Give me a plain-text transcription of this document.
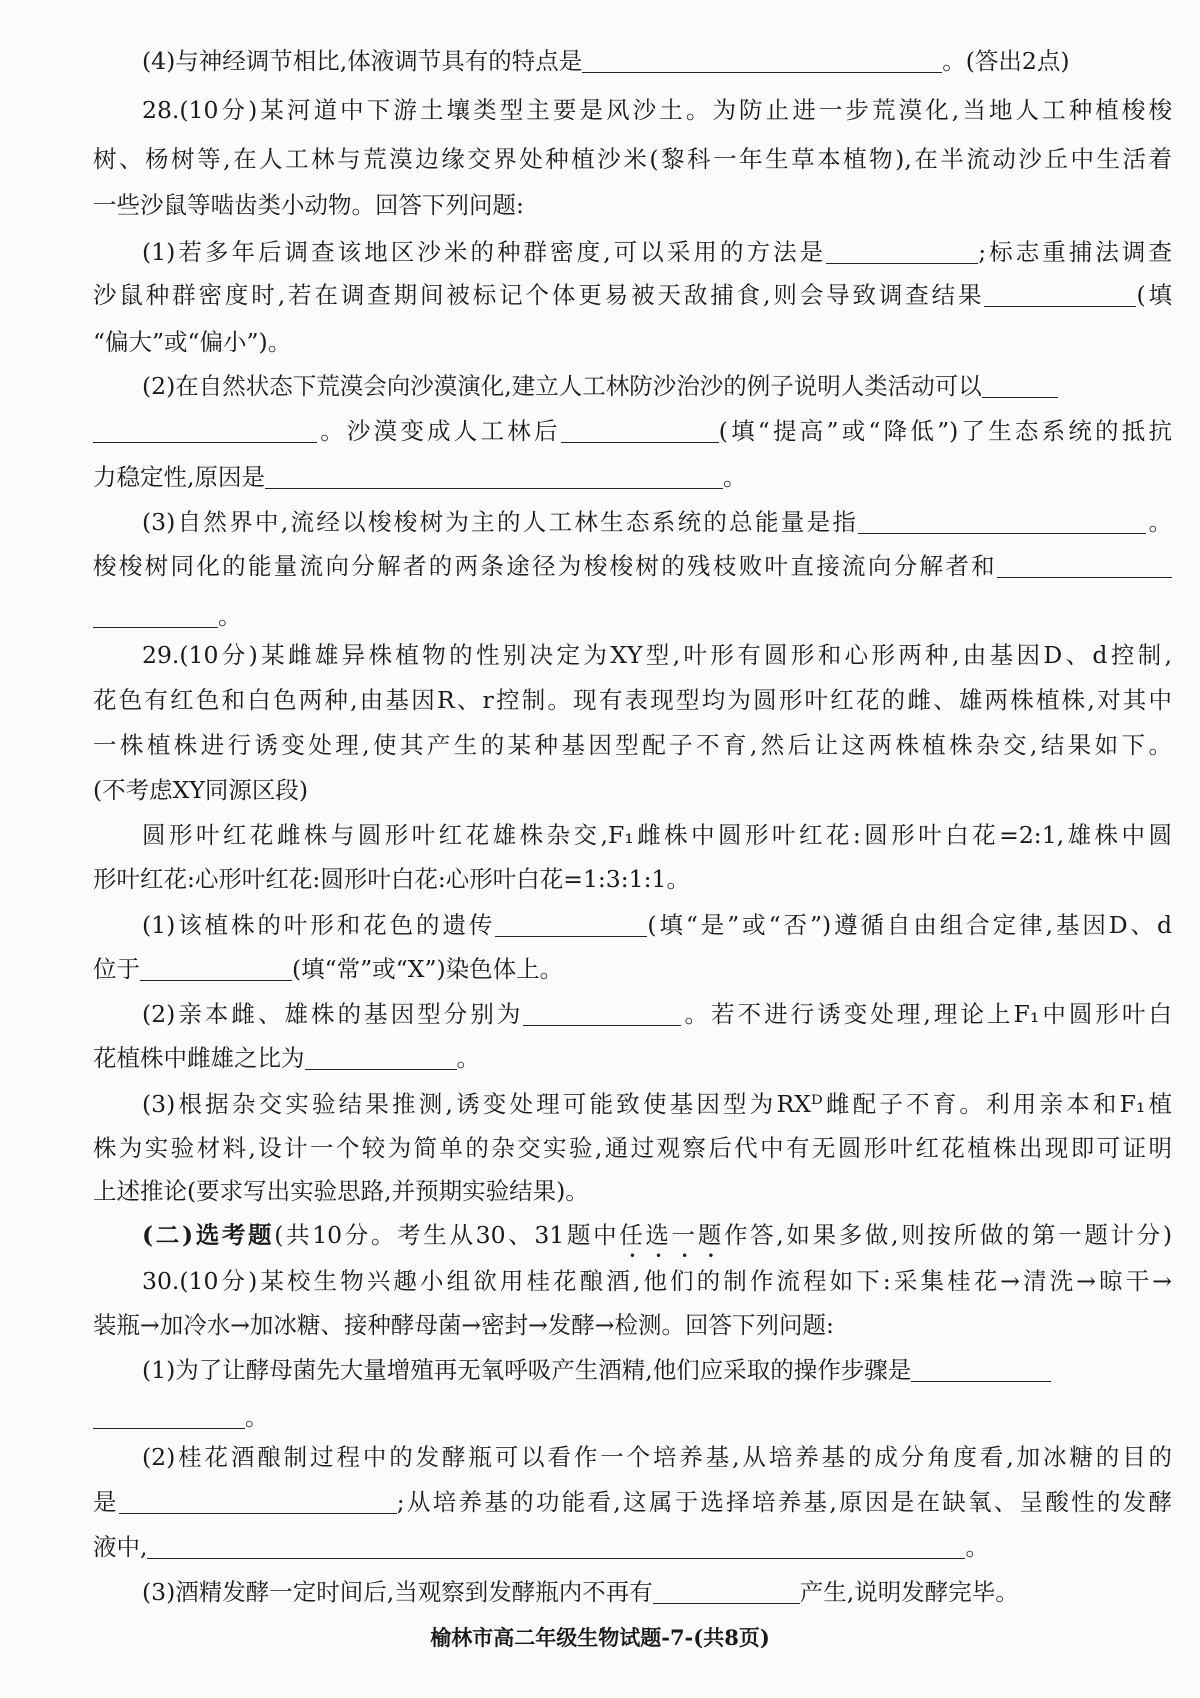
(4)与神经调节相比,体液调节具有的特点是	。(答出2点)
28.(10分)某河道中下游土壤类型主要是风沙土。为防止进一步荒漠化,当地人工种植梭梭
树、杨树等,在人工林与荒漠边缘交界处种植沙米(黎科一年生草本植物),在半流动沙丘中生活着
一些沙鼠等啮齿类小动物。回答下列问题:
(1)若多年后调查该地区沙米的种群密度,可以采用的方法是	;标志重捕法调查
沙鼠种群密度时,若在调查期间被标记个体更易被天敌捕食,则会导致调查结果	(填
“偏大”或“偏小”)。
(2)在自然状态下荒漠会向沙漠演化,建立人工林防沙治沙的例子说明人类活动可以
。沙漠变成人工林后	(填“提高”或“降低”)了生态系统的抵抗
力稳定性,原因是	。
(3)自然界中,流经以梭梭树为主的人工林生态系统的总能量是指	。
梭梭树同化的能量流向分解者的两条途径为梭梭树的残枝败叶直接流向分解者和
。
29.(10分)某雌雄异株植物的性别决定为XY型,叶形有圆形和心形两种,由基因D、d控制,
花色有红色和白色两种,由基因R、r控制。现有表现型均为圆形叶红花的雌、雄两株植株,对其中
一株植株进行诱变处理,使其产生的某种基因型配子不育,然后让这两株植株杂交,结果如下。
(不考虑XY同源区段)
圆形叶红花雌株与圆形叶红花雄株杂交,F₁雌株中圆形叶红花:圆形叶白花=2:1,雄株中圆
形叶红花:心形叶红花:圆形叶白花:心形叶白花=1:3:1:1。
(1)该植株的叶形和花色的遗传	(填“是”或“否”)遵循自由组合定律,基因D、d
位于	(填“常”或“X”)染色体上。
(2)亲本雌、雄株的基因型分别为	。若不进行诱变处理,理论上F₁中圆形叶白
花植株中雌雄之比为	。
(3)根据杂交实验结果推测,诱变处理可能致使基因型为RXᴰ雌配子不育。利用亲本和F₁植
株为实验材料,设计一个较为简单的杂交实验,通过观察后代中有无圆形叶红花植株出现即可证明
上述推论(要求写出实验思路,并预期实验结果)。
(二)选考题(共10分。考生从30、31题中任选一题作答,如果多做,则按所做的第一题计分)
30.(10分)某校生物兴趣小组欲用桂花酿酒,他们的制作流程如下:采集桂花→清洗→晾干→
装瓶→加冷水→加冰糖、接种酵母菌→密封→发酵→检测。回答下列问题:
(1)为了让酵母菌先大量增殖再无氧呼吸产生酒精,他们应采取的操作步骤是
。
(2)桂花酒酿制过程中的发酵瓶可以看作一个培养基,从培养基的成分角度看,加冰糖的目的
是	;从培养基的功能看,这属于选择培养基,原因是在缺氧、呈酸性的发酵
液中,	。
(3)酒精发酵一定时间后,当观察到发酵瓶内不再有	产生,说明发酵完毕。
榆林市高二年级生物试题-7-(共8页)
